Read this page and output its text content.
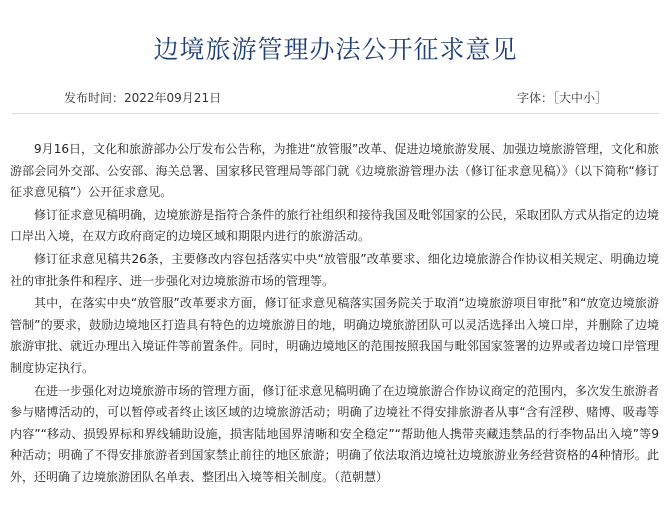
边境旅游管理办法公开征求意见
发布时间：2022年09月21日	字体：［大中小］

9月16日，文化和旅游部办公厅发布公告称，为推进“放管服”改革、促进边境旅游发展、加强边境旅游管理，文化和旅游部会同外交部、公安部、海关总署、国家移民管理局等部门就《边境旅游管理办法（修订征求意见稿）》（以下简称“修订征求意见稿”）公开征求意见。

修订征求意见稿明确，边境旅游是指符合条件的旅行社组织和接待我国及毗邻国家的公民，采取团队方式从指定的边境口岸出入境，在双方政府商定的边境区域和期限内进行的旅游活动。

修订征求意见稿共26条，主要修改内容包括落实中央“放管服”改革要求、细化边境旅游合作协议相关规定、明确边境社的审批条件和程序、进一步强化对边境旅游市场的管理等。

其中，在落实中央“放管服”改革要求方面，修订征求意见稿落实国务院关于取消“边境旅游项目审批”和“放宽边境旅游管制”的要求，鼓励边境地区打造具有特色的边境旅游目的地，明确边境旅游团队可以灵活选择出入境口岸，并删除了边境旅游审批、就近办理出入境证件等前置条件。同时，明确边境地区的范围按照我国与毗邻国家签署的边界或者边境口岸管理制度协定执行。

在进一步强化对边境旅游市场的管理方面，修订征求意见稿明确了在边境旅游合作协议商定的范围内，多次发生旅游者参与赌博活动的，可以暂停或者终止该区域的边境旅游活动；明确了边境社不得安排旅游者从事“含有淫秽、赌博、吸毒等内容”“移动、损毁界标和界线辅助设施，损害陆地国界清晰和安全稳定”“帮助他人携带夹藏违禁品的行李物品出入境”等9种活动；明确了不得安排旅游者到国家禁止前往的地区旅游；明确了依法取消边境社边境旅游业务经营资格的4种情形。此外，还明确了边境旅游团队名单表、整团出入境等相关制度。（范朝慧）
